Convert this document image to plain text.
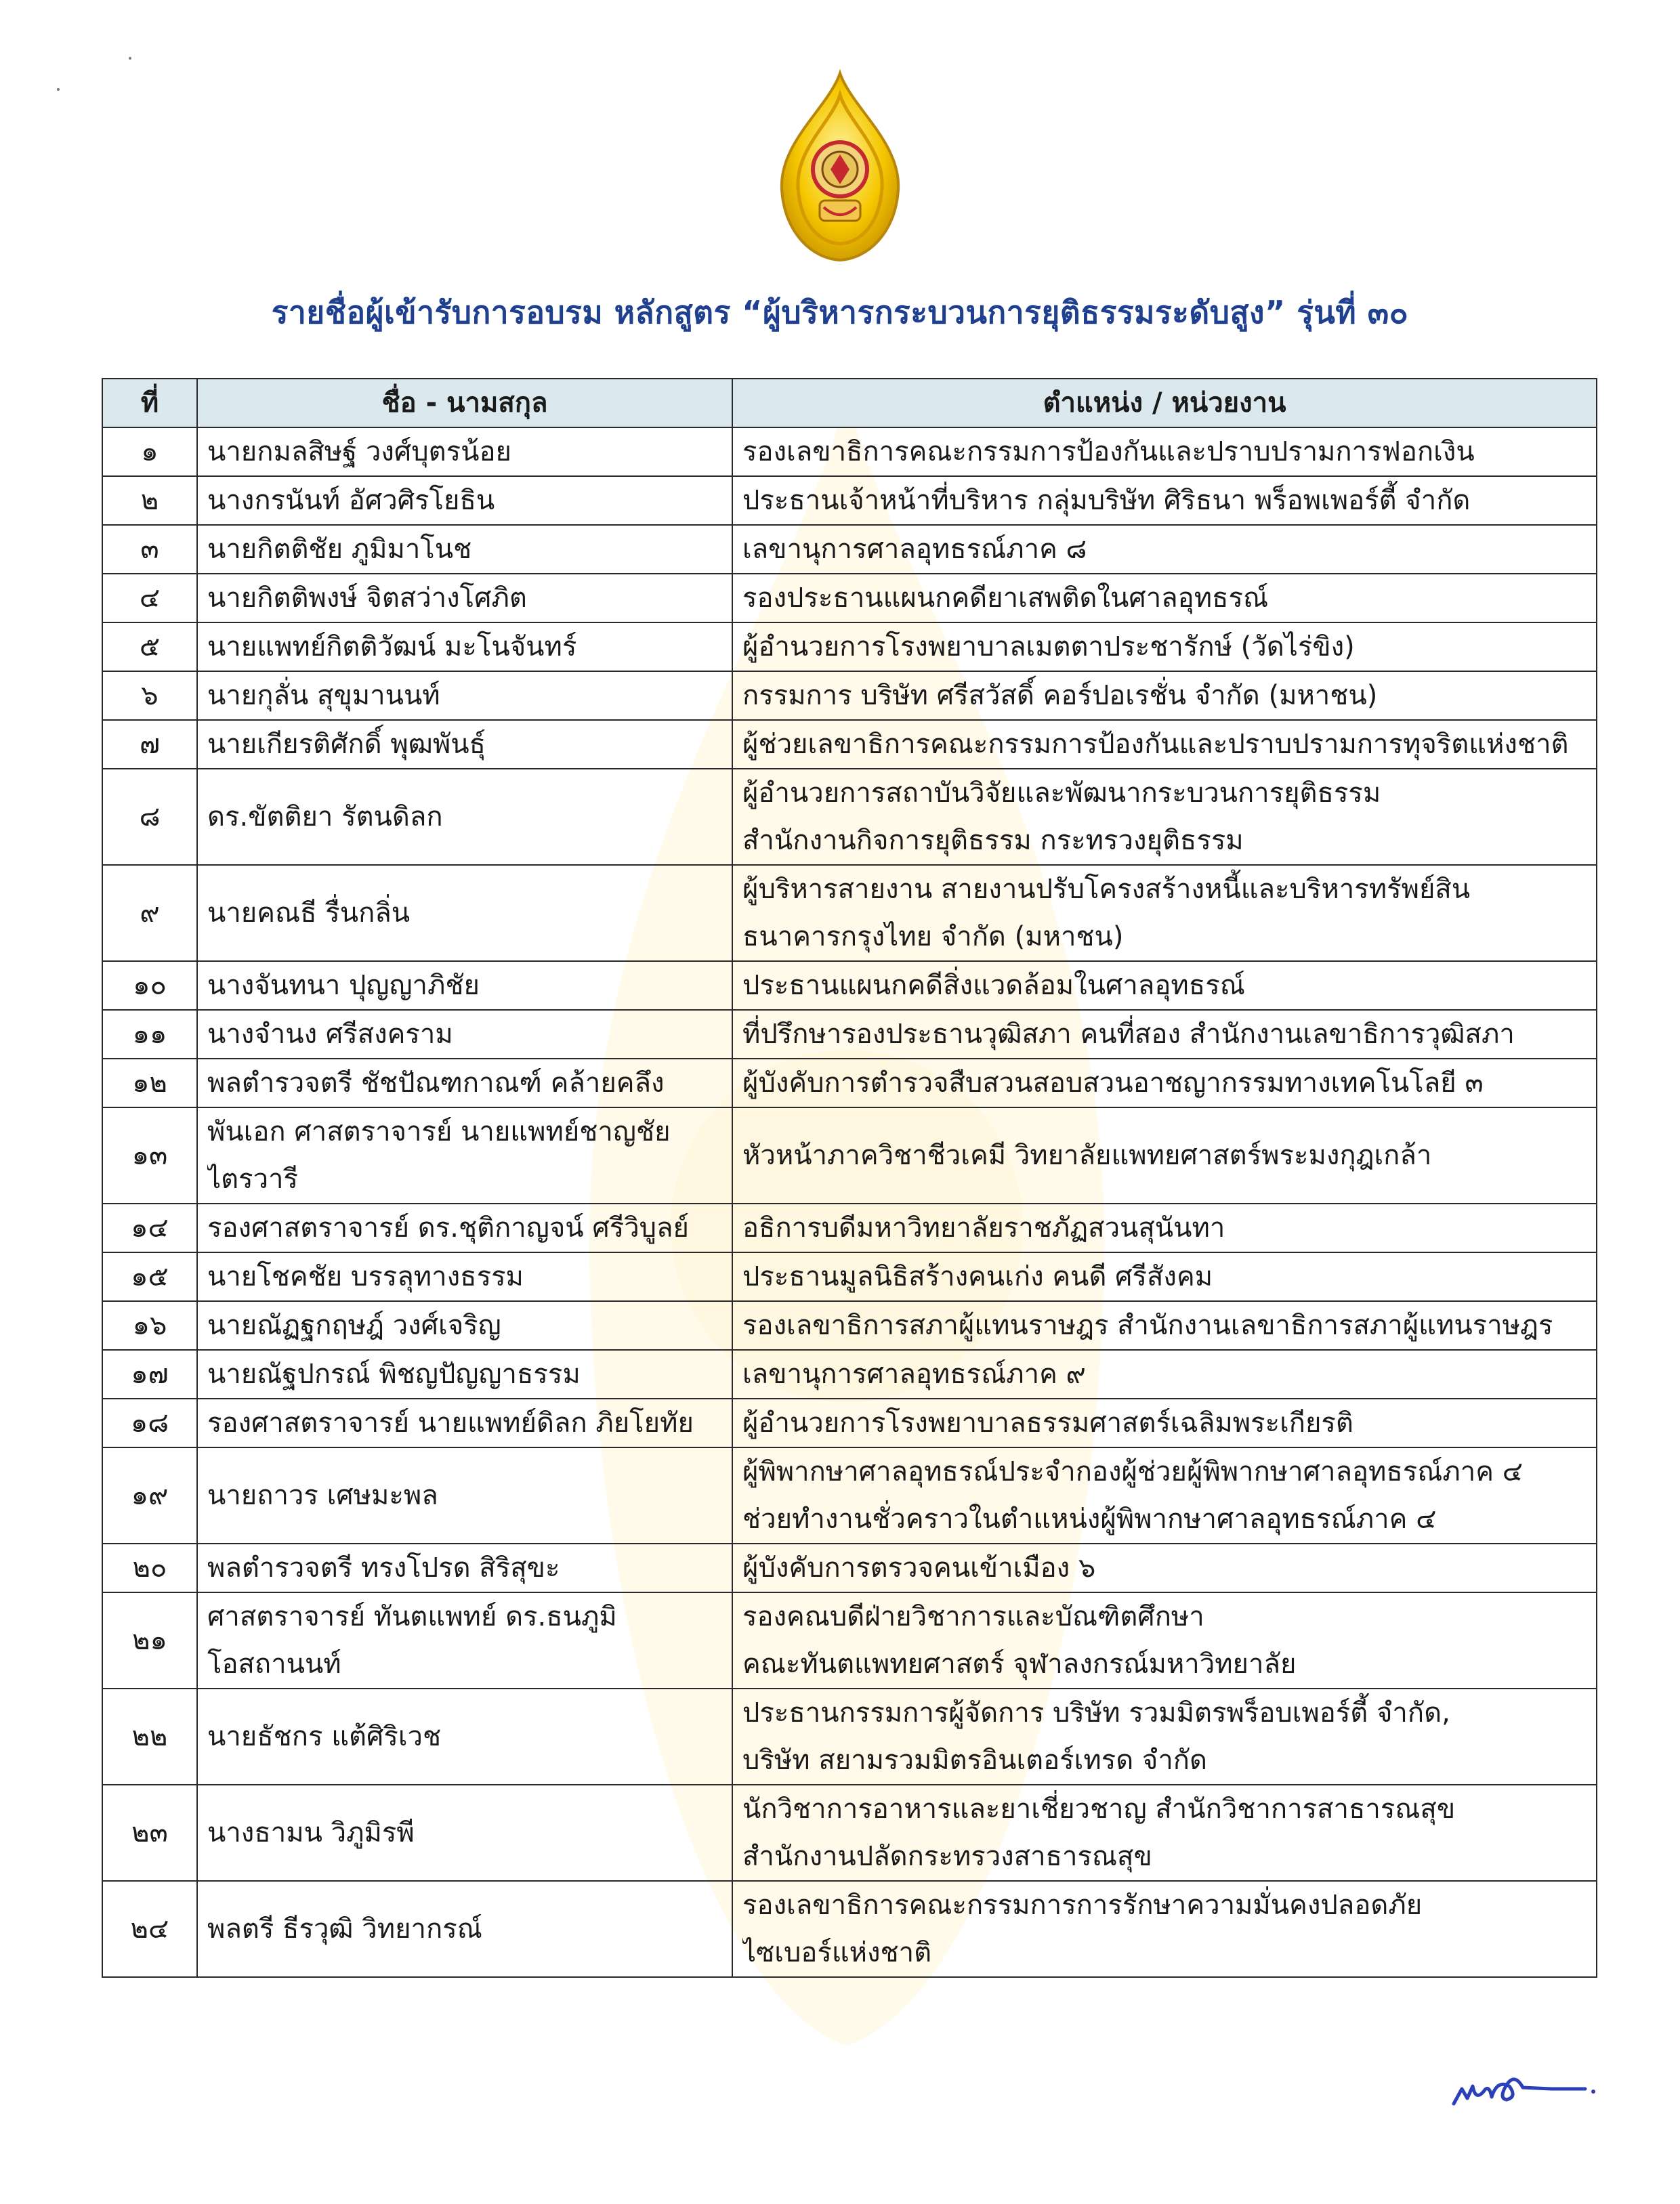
รายชื่อผู้เข้ารับการอบรม หลักสูตร “ผู้บริหารกระบวนการยุติธรรมระดับสูง” รุ่นที่ ๓๐
ที่	ชื่อ - นามสกุล	ตำแหน่ง / หน่วยงาน
๑	นายกมลสิษฐ์ วงศ์บุตรน้อย	รองเลขาธิการคณะกรรมการป้องกันและปราบปรามการฟอกเงิน

๒	นางกรนันท์ อัศวศิรโยธิน	ประธานเจ้าหน้าที่บริหาร กลุ่มบริษัท ศิริธนา พร็อพเพอร์ตี้ จำกัด

๓	นายกิตติชัย ภูมิมาโนช	เลขานุการศาลอุทธรณ์ภาค ๘

๔	นายกิตติพงษ์ จิตสว่างโศภิต	รองประธานแผนกคดียาเสพติดในศาลอุทธรณ์

๕	นายแพทย์กิตติวัฒน์ มะโนจันทร์	ผู้อำนวยการโรงพยาบาลเมตตาประชารักษ์ (วัดไร่ขิง)

๖	นายกุลั่น สุขุมานนท์	กรรมการ บริษัท ศรีสวัสดิ์ คอร์ปอเรชั่น จำกัด (มหาชน)

๗	นายเกียรติศักดิ์ พุฒพันธุ์	ผู้ช่วยเลขาธิการคณะกรรมการป้องกันและปราบปรามการทุจริตแห่งชาติ

๘	ดร.ขัตติยา รัตนดิลก	ผู้อำนวยการสถาบันวิจัยและพัฒนากระบวนการยุติธรรม
สำนักงานกิจการยุติธรรม กระทรวงยุติธรรม

๙	นายคณธี รื่นกลิ่น	ผู้บริหารสายงาน สายงานปรับโครงสร้างหนี้และบริหารทรัพย์สิน
ธนาคารกรุงไทย จำกัด (มหาชน)

๑๐	นางจันทนา ปุญญาภิชัย	ประธานแผนกคดีสิ่งแวดล้อมในศาลอุทธรณ์

๑๑	นางจำนง ศรีสงคราม	ที่ปรึกษารองประธานวุฒิสภา คนที่สอง สำนักงานเลขาธิการวุฒิสภา

๑๒	พลตำรวจตรี ชัชปัณฑกาณฑ์ คล้ายคลึง	ผู้บังคับการตำรวจสืบสวนสอบสวนอาชญากรรมทางเทคโนโลยี ๓

๑๓	พันเอก ศาสตราจารย์ นายแพทย์ชาญชัย
ไตรวารี	หัวหน้าภาควิชาชีวเคมี วิทยาลัยแพทยศาสตร์พระมงกุฎเกล้า

๑๔	รองศาสตราจารย์ ดร.ชุติกาญจน์ ศรีวิบูลย์	อธิการบดีมหาวิทยาลัยราชภัฏสวนสุนันทา

๑๕	นายโชคชัย บรรลุทางธรรม	ประธานมูลนิธิสร้างคนเก่ง คนดี ศรีสังคม

๑๖	นายณัฏฐกฤษฎ์ วงศ์เจริญ	รองเลขาธิการสภาผู้แทนราษฎร สำนักงานเลขาธิการสภาผู้แทนราษฎร

๑๗	นายณัฐปกรณ์ พิชญปัญญาธรรม	เลขานุการศาลอุทธรณ์ภาค ๙

๑๘	รองศาสตราจารย์ นายแพทย์ดิลก ภิยโยทัย	ผู้อำนวยการโรงพยาบาลธรรมศาสตร์เฉลิมพระเกียรติ

๑๙	นายถาวร เศษมะพล	ผู้พิพากษาศาลอุทธรณ์ประจำกองผู้ช่วยผู้พิพากษาศาลอุทธรณ์ภาค ๔
ช่วยทำงานชั่วคราวในตำแหน่งผู้พิพากษาศาลอุทธรณ์ภาค ๔

๒๐	พลตำรวจตรี ทรงโปรด สิริสุขะ	ผู้บังคับการตรวจคนเข้าเมือง ๖

๒๑	ศาสตราจารย์ ทันตแพทย์ ดร.ธนภูมิ
โอสถานนท์	รองคณบดีฝ่ายวิชาการและบัณฑิตศึกษา
คณะทันตแพทยศาสตร์ จุฬาลงกรณ์มหาวิทยาลัย

๒๒	นายธัชกร แต้ศิริเวช	ประธานกรรมการผู้จัดการ บริษัท รวมมิตรพร็อบเพอร์ตี้ จำกัด,
บริษัท สยามรวมมิตรอินเตอร์เทรด จำกัด

๒๓	นางธามน วิภูมิรพี	นักวิชาการอาหารและยาเชี่ยวชาญ สำนักวิชาการสาธารณสุข
สำนักงานปลัดกระทรวงสาธารณสุข

๒๔	พลตรี ธีรวุฒิ วิทยากรณ์	รองเลขาธิการคณะกรรมการการรักษาความมั่นคงปลอดภัย
ไซเบอร์แห่งชาติ
